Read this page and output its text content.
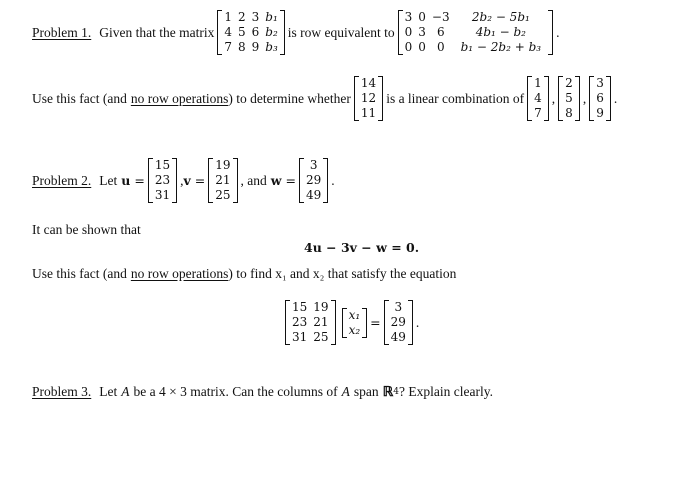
Problem 1. Given that the matrix
1	2	3	b₁
4	5	6	b₂
7	8	9	b₃
is row equivalent to
3	0	−3	2b₂ − 5b₁
0	3	6	4b₁ − b₂
0	0	0	b₁ − 2b₂ + b₃
.
Use this fact (and no row operations ) to determine whether
14
12
11
is a linear combination of
1
4
7
,
2
5
8
,
3
6
9
.
Problem 2. Let u =
15
23
31
, v =
19
21
25
, and w =
3
29
49
.
It can be shown that
4u − 3v − w = 0.
Use this fact (and no row operations ) to find x₁ and x₂ that satisfy the equation
15	19
23	21
31	25
x₁
x₂ =
3
29
49
.
Problem 3. Let A be a 4 × 3 matrix. Can the columns of A span ℝ 4 ? Explain clearly.
